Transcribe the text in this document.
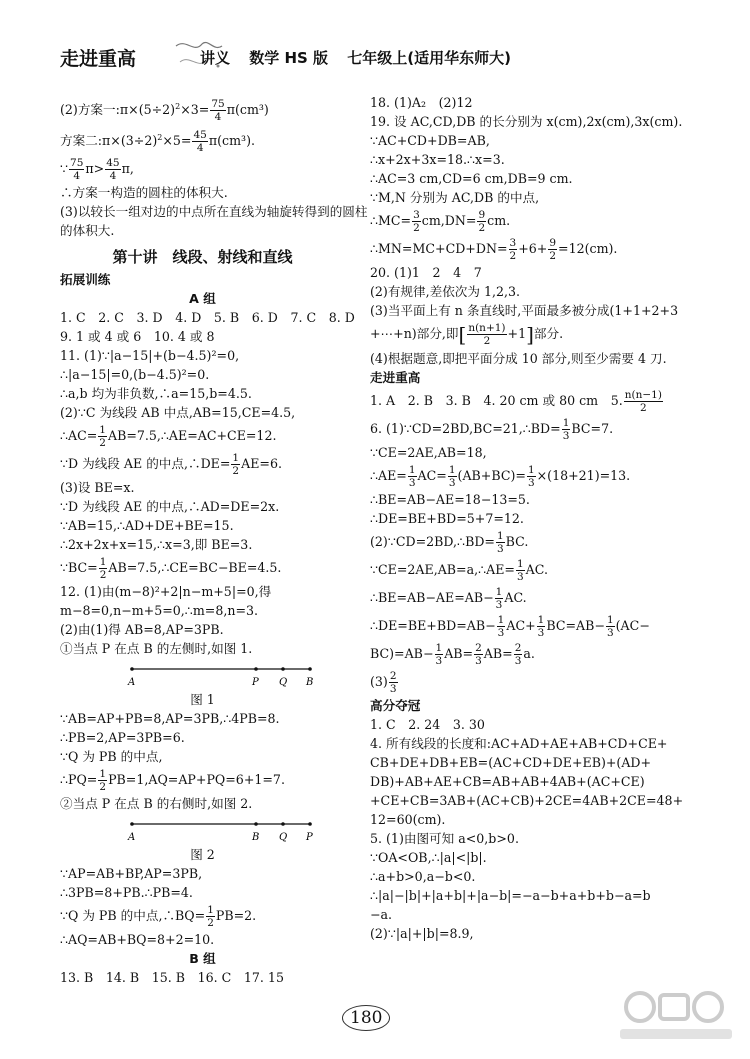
走进重高	讲义 数学 HS 版 七年级上(适用华东师大)
(2)方案一$:\pi\times(5\div 2)^2\times 3= \frac{75}{4} \pi(cm^3)$
方案二$:\pi\times(3\div 2)^2\times 5= \frac{45}{4} \pi(cm^3)$.
∵ $\frac{75}{4} \pi> \frac{45}{4} \pi$,
∴方案一构造的圆柱的体积大.
(3)以较长一组对边的中点所在直线为轴旋转得到的圆柱
的体积大.
第十讲　线段、射线和直线
拓展训练
A 组
1. C　2. C　3. D　4. D　5. B　6. D　7. C　8. D
9. 1 或 4 或 6　10. 4 或 8
11. (1)∵|a−15|+(b−4.5)²=0,
∴|a−15|=0,(b−4.5)²=0.
∴a,b 均为非负数,∴a=15,b=4.5.
(2)∵C 为线段 AB 中点,AB=15,CE=4.5,
∴AC= $\frac{1}{2}$ AB=7.5,∴AE=AC+CE=12.
∵D 为线段 AE 的中点,∴DE= $\frac{1}{2} AE=6$.
(3)设 BE=x.
∵D 为线段 AE 的中点,∴AD=DE=2x.
∵AB=15,∴AD+DE+BE=15.
∴2x+2x+x=15,∴x=3,即 BE=3.
∵BC= $\frac{1}{2}$ AB=7.5,∴CE=BC−BE=4.5.
12. (1)由(m−8)²+2|n−m+5|=0,得
m−8=0,n−m+5=0,∴m=8,n=3.
(2)由(1)得 AB=8,AP=3PB.
①当点 P 在点 B 的左侧时,如图 1.
A	P Q B
图 1
∵AB=AP+PB=8,AP=3PB,∴4PB=8.
∴PB=2,AP=3PB=6.
∵Q 为 PB 的中点,
∴PQ= $\frac{1}{2} PB=1,AQ=AP+PQ=6+1=7$.
②当点 P 在点 B 的右侧时,如图 2.
A	B Q P
图 2
∵AP=AB+BP,AP=3PB,
∴3PB=8+PB.∴PB=4.
∵Q 为 PB 的中点,∴BQ= $\frac{1}{2} PB=2$.
∴AQ=AB+BQ=8+2=10.
B 组
13. B　14. B　15. B　16. C　17. 15
18. (1)A₂　(2)12
19. 设 AC,CD,DB 的长分别为 x(cm),2x(cm),3x(cm).
∵AC+CD+DB=AB,
∴x+2x+3x=18.∴x=3.
∴AC=3 cm,CD=6 cm,DB=9 cm.
∵M,N 分别为 AC,DB 的中点,
∴MC= $\frac{3}{2} cm,DN= \frac{9}{2}$ cm.
∴MN=MC+CD+DN= $\frac{3}{2} +6+ \frac{9}{2} =12(cm)$.
20. (1)1　2　4　7
(2)有规律,差依次为 1,2,3.
(3)当平面上有 n 条直线时,平面最多被分成(1+1+2+3
+⋯+n)部分,即[ $\frac{n(n+1)}{2} +1$]部分.
(4)根据题意,即把平面分成 10 部分,则至少需要 4 刀.
走进重高
1. A　2. B　3. B　4. 20 cm 或 80 cm　5. $\frac{n(n-1)}{2}$
6. (1)∵CD=2BD,BC=21,∴BD= $\frac{1}{3} BC=7$.
∵CE=2AE,AB=18,
∴AE= $\frac{1}{3} AC= \frac{1}{3} (AB+BC)= \frac{1}{3} \times(18+21)=13$.
∴BE=AB−AE=18−13=5.
∴DE=BE+BD=5+7=12.
(2)∵CD=2BD,∴BD= $\frac{1}{3}$ BC.
∵CE=2AE,AB=a,∴AE= $\frac{1}{3}$ AC.
∴BE=AB−AE=AB− $\frac{1}{3}$ AC.
∴DE=BE+BD=AB− $\frac{1}{3} AC+ \frac{1}{3} BC=AB- \frac{1}{3} (AC-$
$BC)=AB- \frac{1}{3} AB= \frac{2}{3} AB= \frac{2}{3} a$.
$(3) \frac{2}{3}$
高分夺冠
1. C　2. 24　3. 30
4. 所有线段的长度和:AC+AD+AE+AB+CD+CE+
CB+DE+DB+EB=(AC+CD+DE+EB)+(AD+
DB)+AB+AE+CB=AB+AB+4AB+(AC+CE)
+CE+CB=3AB+(AC+CB)+2CE=4AB+2CE=48+
12=60(cm).
5. (1)由图可知 a<0,b>0.
∵OA<OB,∴|a|<|b|.
∴a+b>0,a−b<0.
∴|a|−|b|+|a+b|+|a−b|=−a−b+a+b+b−a=b
−a.
(2)∵|a|+|b|=8.9,
180
